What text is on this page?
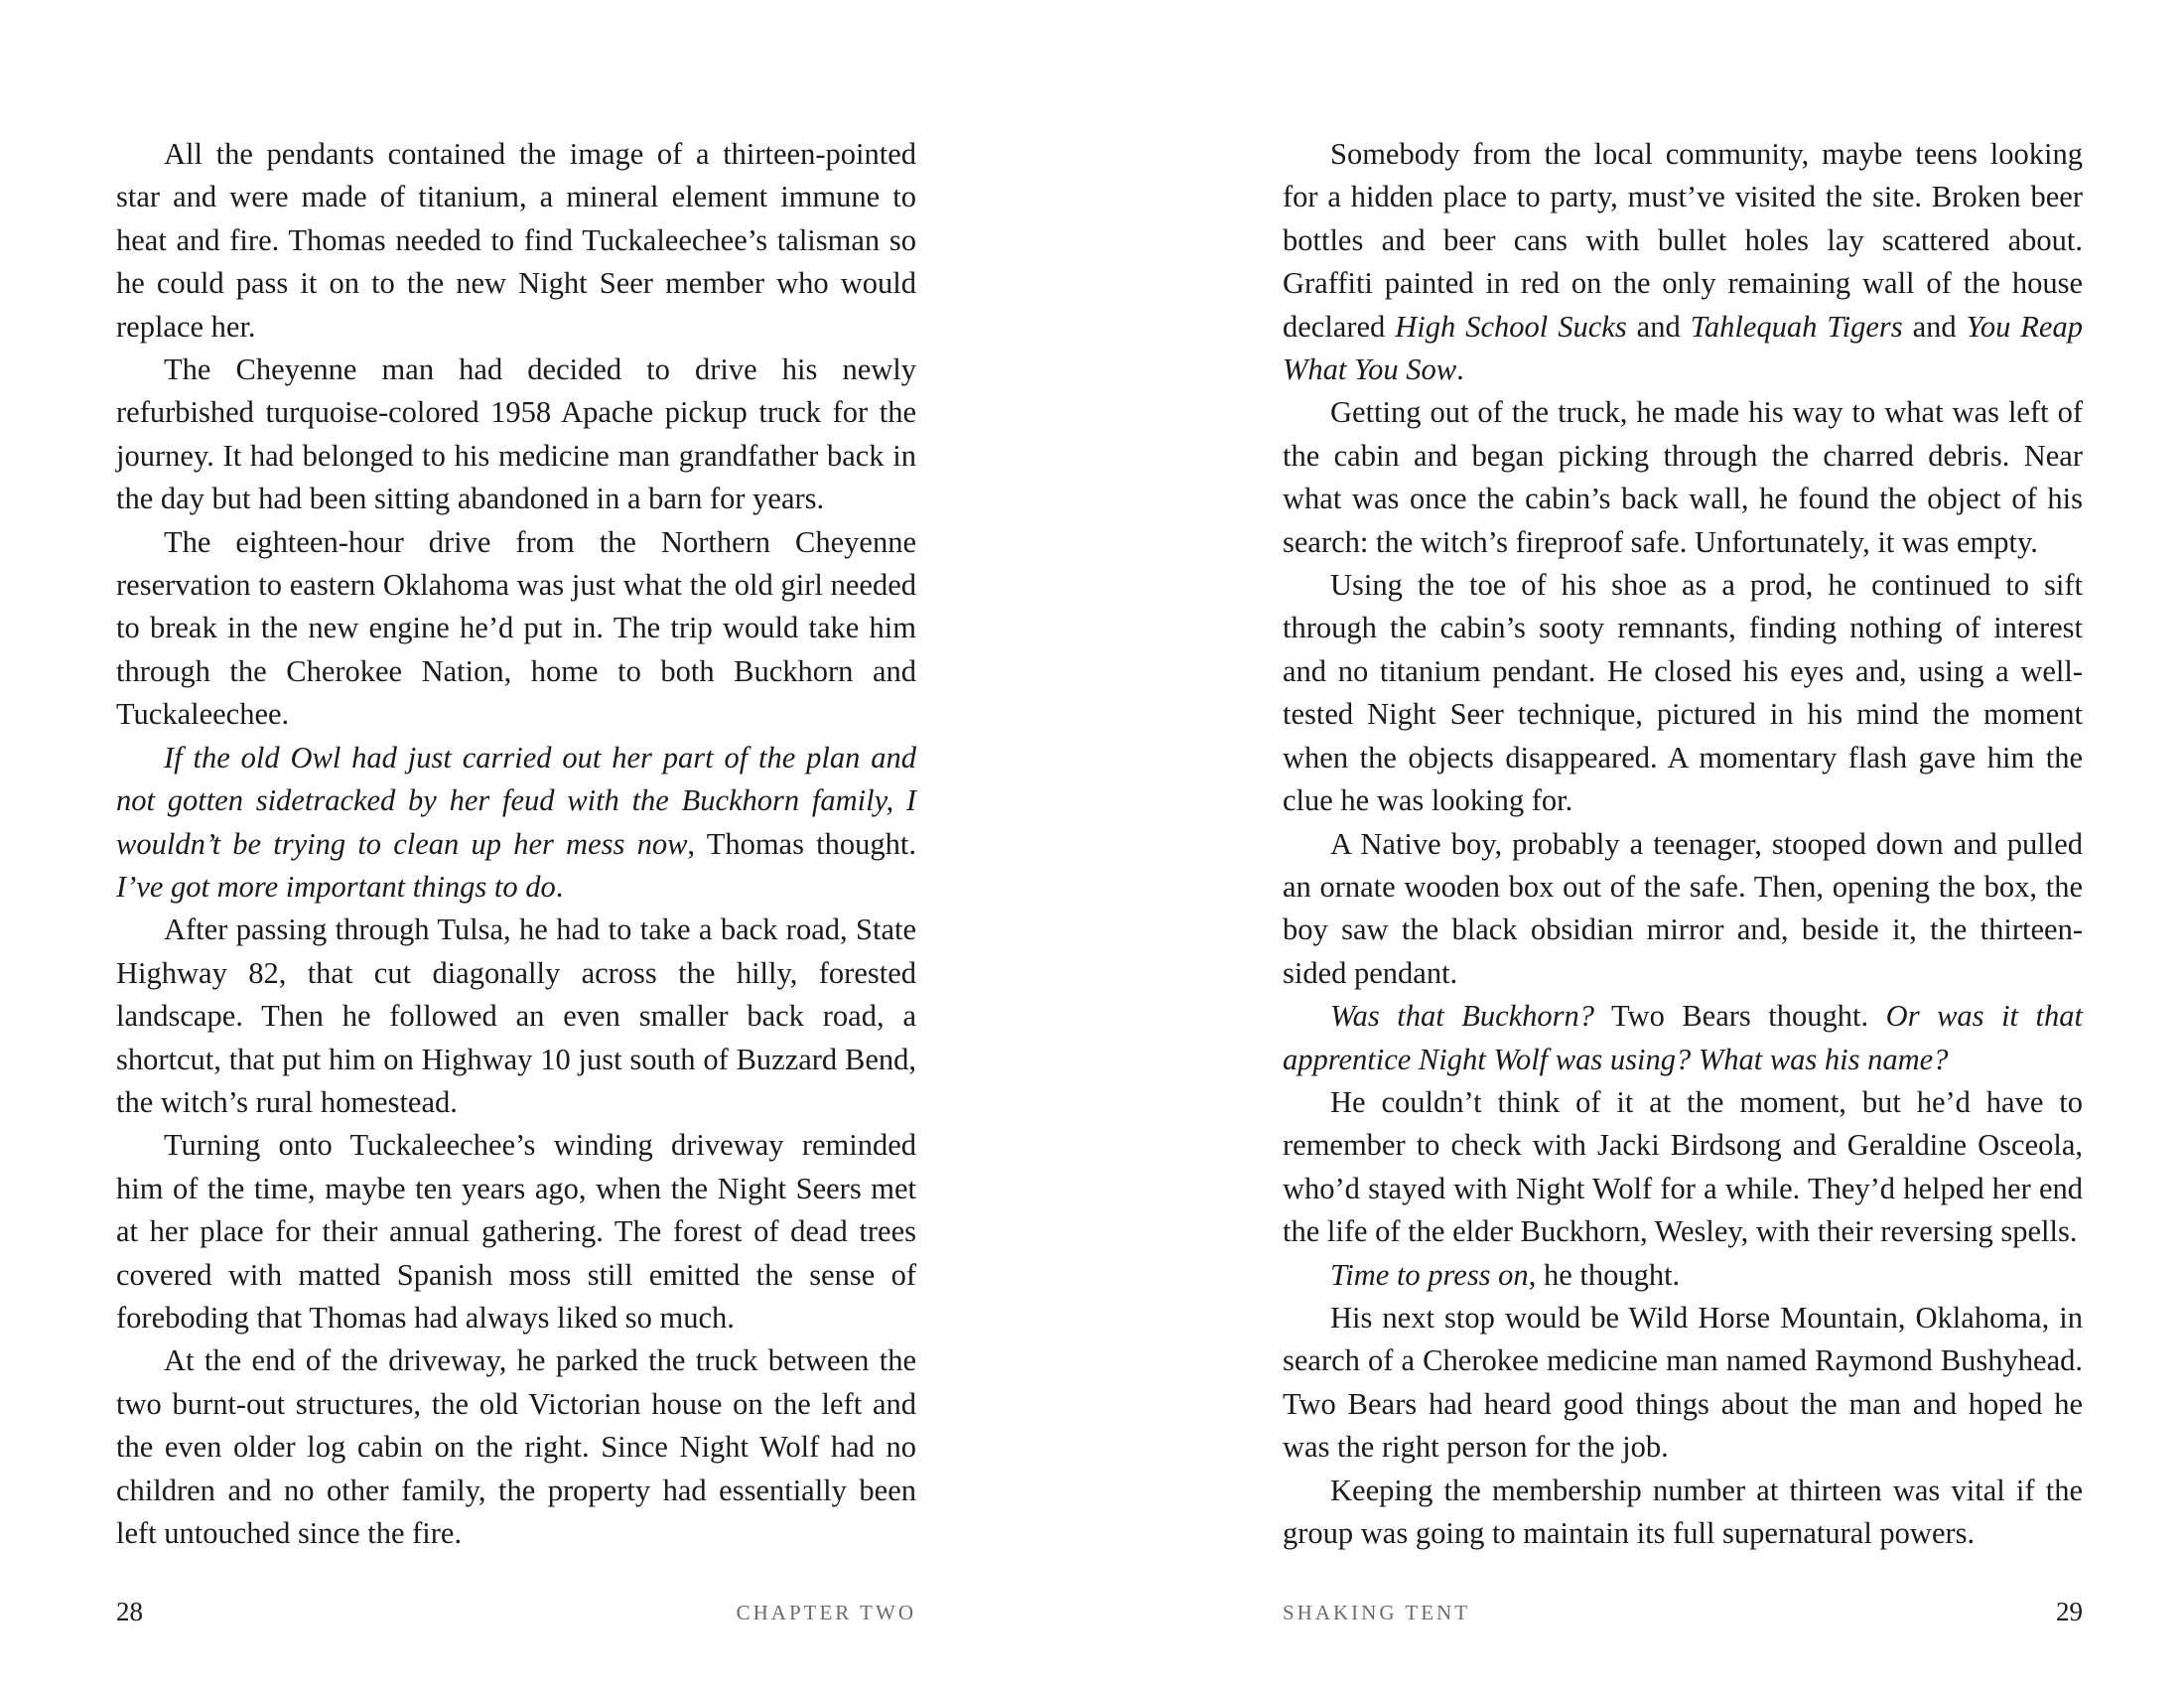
All the pendants contained the image of a thirteen-pointed star and were made of titanium, a mineral element immune to heat and fire. Thomas needed to find Tuckaleechee’s talisman so he could pass it on to the new Night Seer member who would replace her.

The Cheyenne man had decided to drive his newly refurbished turquoise-colored 1958 Apache pickup truck for the journey. It had belonged to his medicine man grandfather back in the day but had been sitting abandoned in a barn for years.

The eighteen-hour drive from the Northern Cheyenne reservation to eastern Oklahoma was just what the old girl needed to break in the new engine he’d put in. The trip would take him through the Cherokee Nation, home to both Buckhorn and Tuckaleechee.

If the old Owl had just carried out her part of the plan and not gotten sidetracked by her feud with the Buckhorn family, I wouldn’t be trying to clean up her mess now, Thomas thought. I’ve got more important things to do.

After passing through Tulsa, he had to take a back road, State Highway 82, that cut diagonally across the hilly, forested landscape. Then he followed an even smaller back road, a shortcut, that put him on Highway 10 just south of Buzzard Bend, the witch’s rural homestead.

Turning onto Tuckaleechee’s winding driveway reminded him of the time, maybe ten years ago, when the Night Seers met at her place for their annual gathering. The forest of dead trees covered with matted Spanish moss still emitted the sense of foreboding that Thomas had always liked so much.

At the end of the driveway, he parked the truck between the two burnt-out structures, the old Victorian house on the left and the even older log cabin on the right. Since Night Wolf had no children and no other family, the property had essentially been left untouched since the fire.

28	CHAPTER TWO

Somebody from the local community, maybe teens looking for a hidden place to party, must’ve visited the site. Broken beer bottles and beer cans with bullet holes lay scattered about. Graffiti painted in red on the only remaining wall of the house declared High School Sucks and Tahlequah Tigers and You Reap What You Sow.

Getting out of the truck, he made his way to what was left of the cabin and began picking through the charred debris. Near what was once the cabin’s back wall, he found the object of his search: the witch’s fireproof safe. Unfortunately, it was empty.

Using the toe of his shoe as a prod, he continued to sift through the cabin’s sooty remnants, finding nothing of interest and no titanium pendant. He closed his eyes and, using a well-tested Night Seer technique, pictured in his mind the moment when the objects disappeared. A momentary flash gave him the clue he was looking for.

A Native boy, probably a teenager, stooped down and pulled an ornate wooden box out of the safe. Then, opening the box, the boy saw the black obsidian mirror and, beside it, the thirteen-sided pendant.

Was that Buckhorn? Two Bears thought. Or was it that apprentice Night Wolf was using? What was his name?

He couldn’t think of it at the moment, but he’d have to remember to check with Jacki Birdsong and Geraldine Osceola, who’d stayed with Night Wolf for a while. They’d helped her end the life of the elder Buckhorn, Wesley, with their reversing spells.

Time to press on, he thought.

His next stop would be Wild Horse Mountain, Oklahoma, in search of a Cherokee medicine man named Raymond Bushyhead. Two Bears had heard good things about the man and hoped he was the right person for the job.

Keeping the membership number at thirteen was vital if the group was going to maintain its full supernatural powers.

SHAKING TENT	29
